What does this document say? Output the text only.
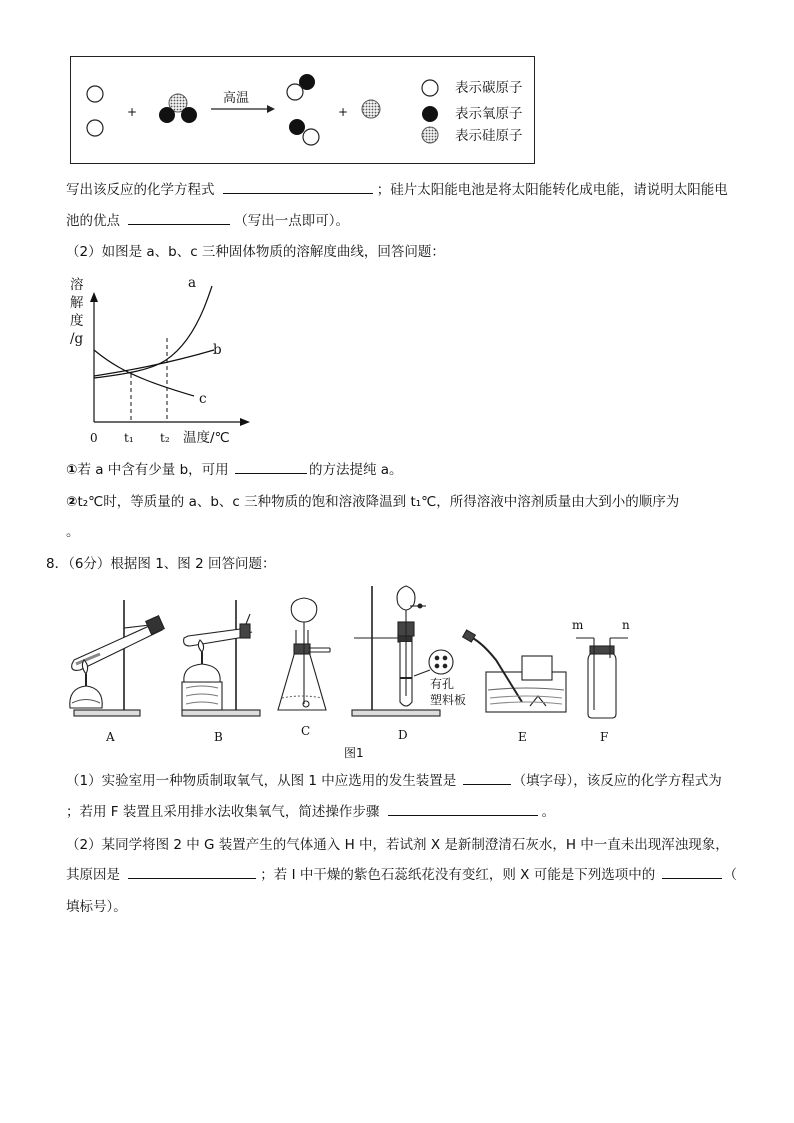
+	+
高温
表示碳原子
表示氧原子
表示硅原子
写出该反应的化学方程式	；硅片太阳能电池是将太阳能转化成电能，请说明太阳能电
池的优点	（写出一点即可）。
（2）如图是 a、b、c 三种固体物质的溶解度曲线，回答问题：
溶
解
度
/g
a
b
c
0 t₁ t₂ 温度/℃
①若 a 中含有少量 b，可用	的方法提纯 a。
②t₂℃时，等质量的 a、b、c 三种物质的饱和溶液降温到 t₁℃，所得溶液中溶剂质量由大到小的顺序为
。
8．（6分）根据图 1、图 2 回答问题：
A	B	C	D	E	F
有孔
塑料板
m	n
图1
（1）实验室用一种物质制取氧气，从图 1 中应选用的发生装置是	（填字母），该反应的化学方程式为
；若用 F 装置且采用排水法收集氧气，简述操作步骤	。
（2）某同学将图 2 中 G 装置产生的气体通入 H 中，若试剂 X 是新制澄清石灰水，H 中一直未出现浑浊现象，
其原因是	；若 I 中干燥的紫色石蕊纸花没有变红，则 X 可能是下列选项中的	（
填标号）。
